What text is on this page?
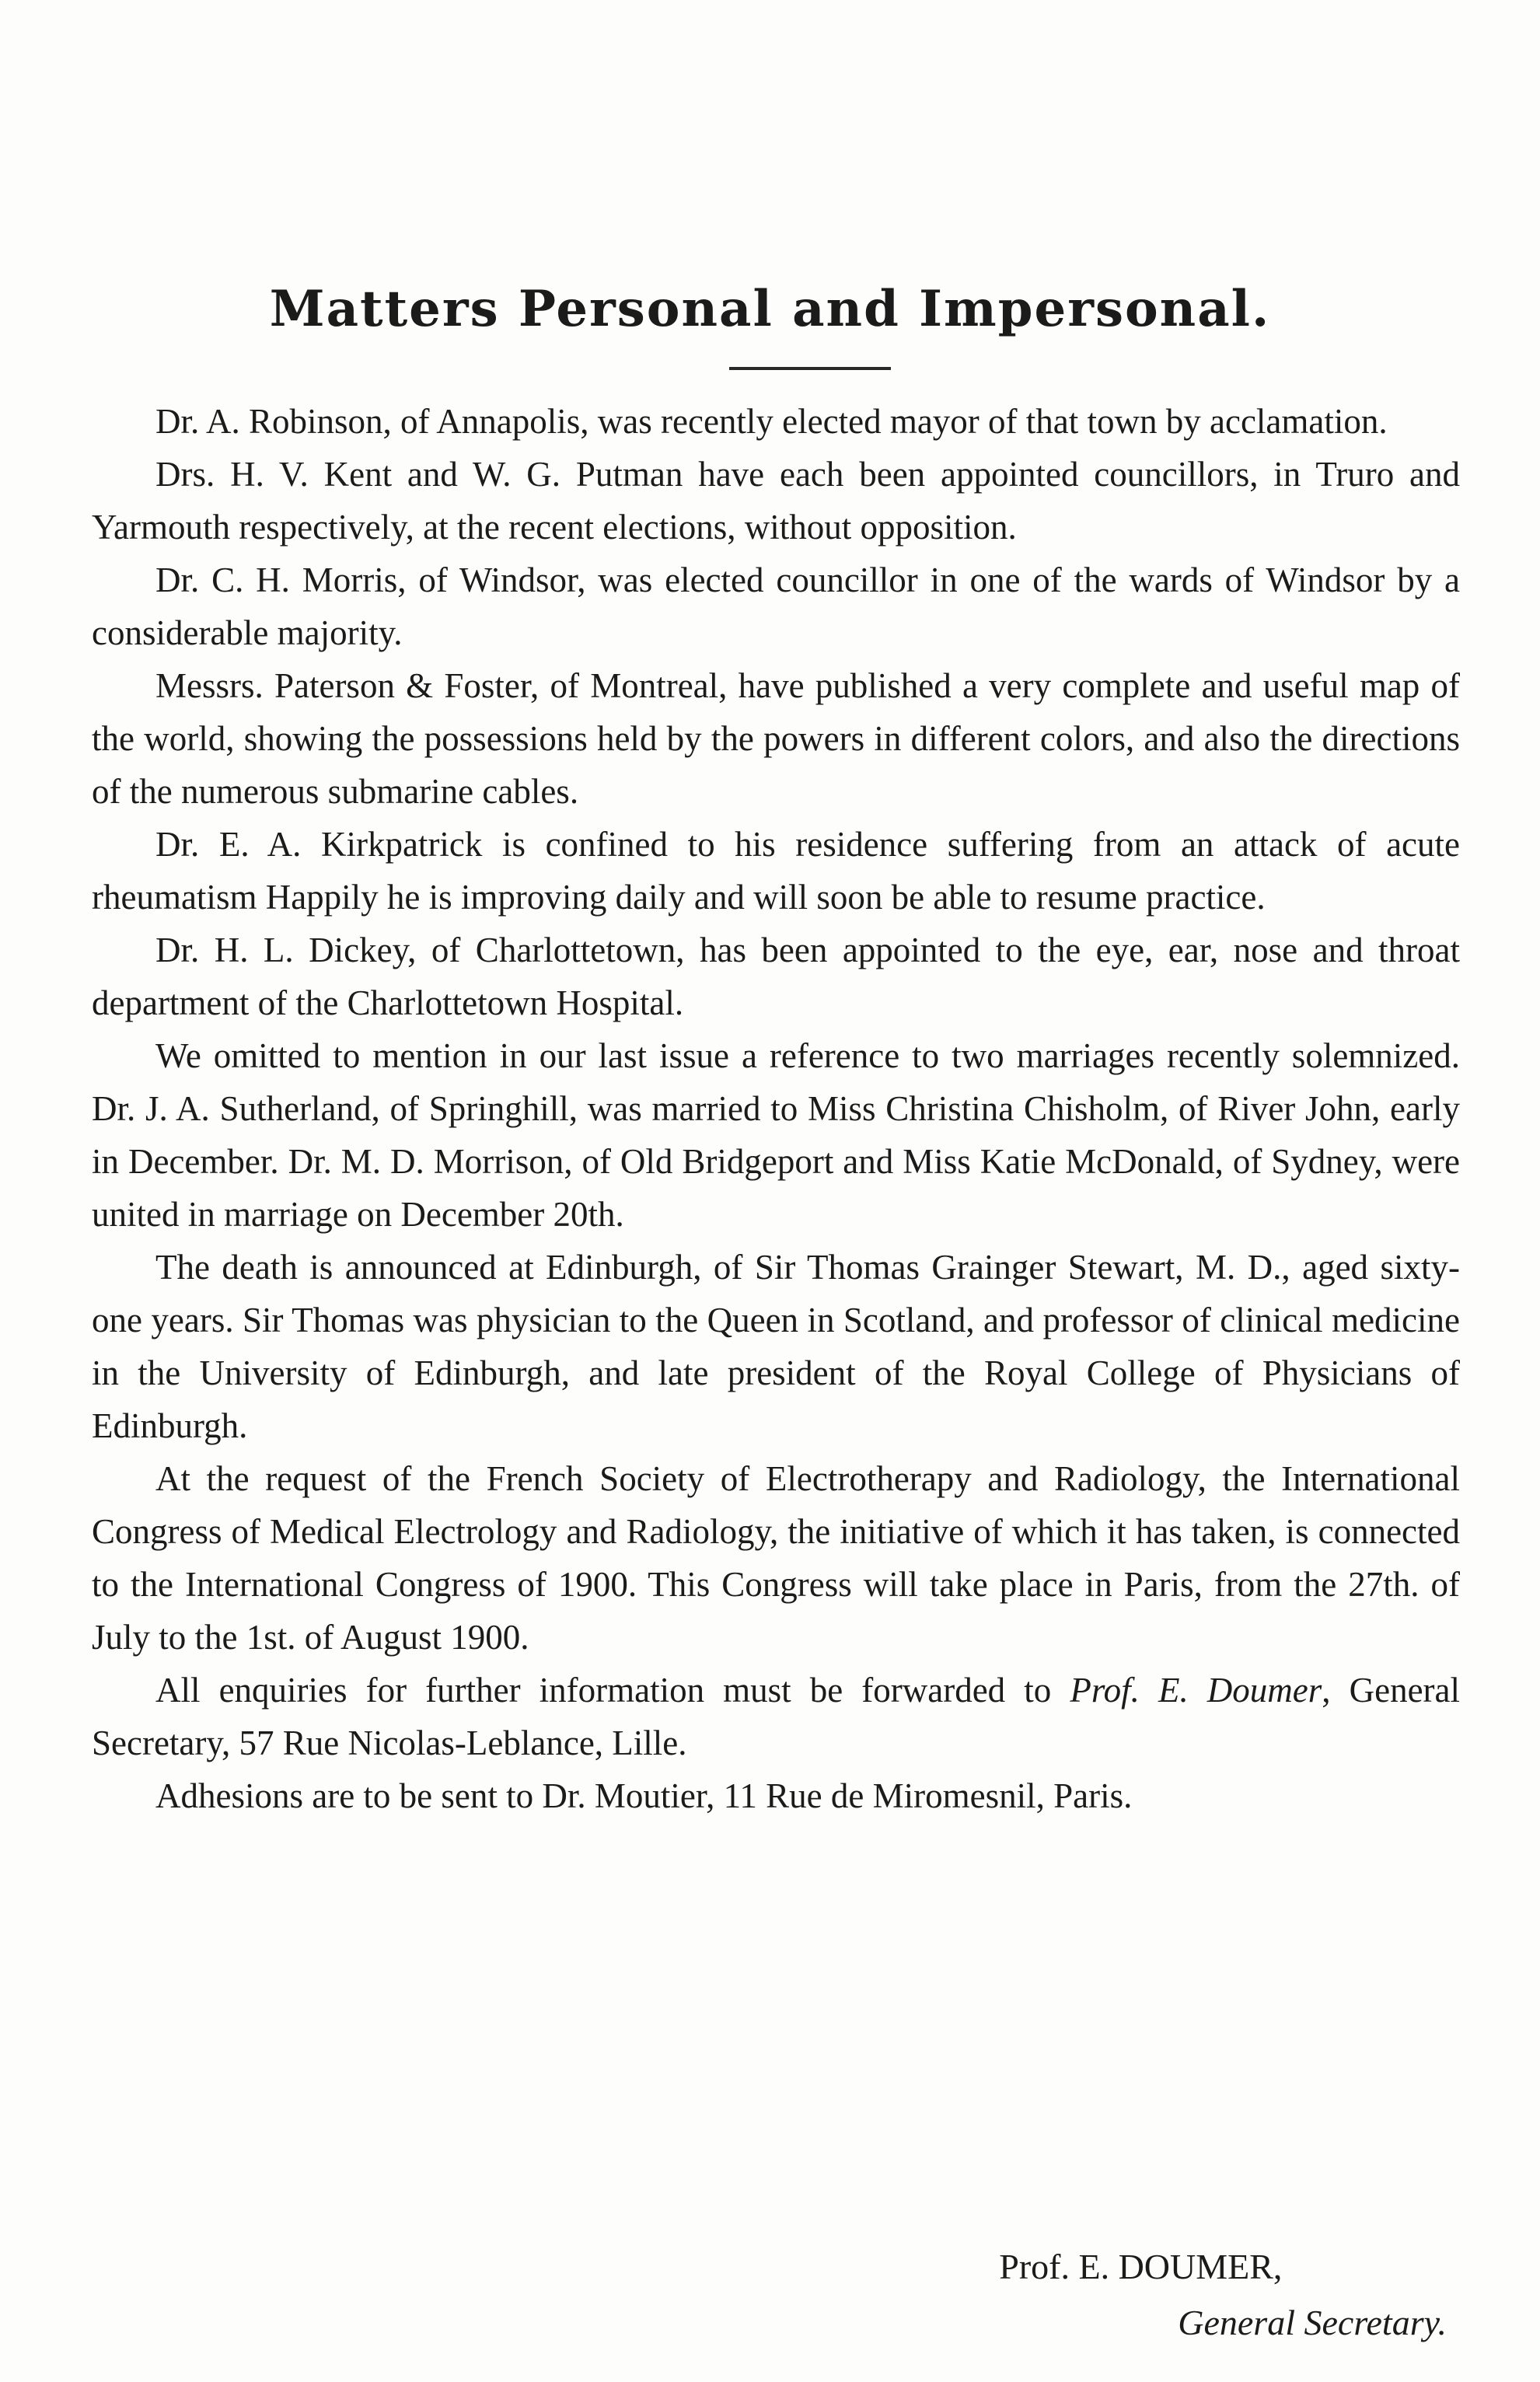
Matters Personal and Impersonal.

Dr. A. Robinson, of Annapolis, was recently elected mayor of that town by acclamation.

Drs. H. V. Kent and W. G. Putman have each been appointed councillors, in Truro and Yarmouth respectively, at the recent elections, without opposition.

Dr. C. H. Morris, of Windsor, was elected councillor in one of the wards of Windsor by a considerable majority.

Messrs. Paterson & Foster, of Montreal, have published a very complete and useful map of the world, showing the possessions held by the powers in different colors, and also the directions of the numerous submarine cables.

Dr. E. A. Kirkpatrick is confined to his residence suffering from an attack of acute rheumatism Happily he is improving daily and will soon be able to resume practice.

Dr. H. L. Dickey, of Charlottetown, has been appointed to the eye, ear, nose and throat department of the Charlottetown Hospital.

We omitted to mention in our last issue a reference to two marriages recently solemnized. Dr. J. A. Sutherland, of Springhill, was married to Miss Christina Chisholm, of River John, early in December. Dr. M. D. Morrison, of Old Bridgeport and Miss Katie McDonald, of Sydney, were united in marriage on December 20th.

The death is announced at Edinburgh, of Sir Thomas Grainger Stewart, M. D., aged sixty-one years. Sir Thomas was physician to the Queen in Scotland, and professor of clinical medicine in the University of Edinburgh, and late president of the Royal College of Physicians of Edinburgh.

At the request of the French Society of Electrotherapy and Radiology, the International Congress of Medical Electrology and Radiology, the initiative of which it has taken, is connected to the International Congress of 1900. This Congress will take place in Paris, from the 27th. of July to the 1st. of August 1900.

All enquiries for further information must be forwarded to Prof. E. Doumer, General Secretary, 57 Rue Nicolas-Leblance, Lille.

Adhesions are to be sent to Dr. Moutier, 11 Rue de Miromesnil, Paris.

Prof. E. DOUMER,
General Secretary.
